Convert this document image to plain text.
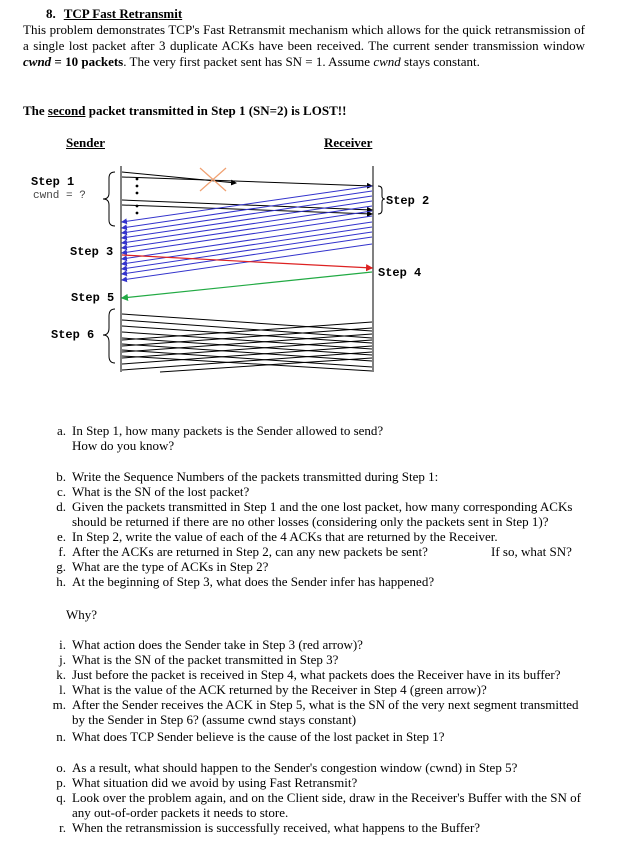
8. TCP Fast Retransmit
This problem demonstrates TCP's Fast Retransmit mechanism which allows for the quick retransmission of a single lost packet after 3 duplicate ACKs have been received. The current sender transmission window cwnd = 10 packets. The very first packet sent has SN = 1. Assume cwnd stays constant.
The second packet transmitted in Step 1 (SN=2) is LOST!!
Sender	Receiver
Step 1
cwnd = ?	Step 2
Step 3
Step 4
Step 5
Step 6
a. In Step 1, how many packets is the Sender allowed to send?
How do you know?
b. Write the Sequence Numbers of the packets transmitted during Step 1:
c. What is the SN of the lost packet?
d. Given the packets transmitted in Step 1 and the one lost packet, how many corresponding ACKs should be returned if there are no other losses (considering only the packets sent in Step 1)?
e. In Step 2, write the value of each of the 4 ACKs that are returned by the Receiver.
f. After the ACKs are returned in Step 2, can any new packets be sent?	If so, what SN?
g. What are the type of ACKs in Step 2?
h. At the beginning of Step 3, what does the Sender infer has happened?
Why?
i. What action does the Sender take in Step 3 (red arrow)?
j. What is the SN of the packet transmitted in Step 3?
k. Just before the packet is received in Step 4, what packets does the Receiver have in its buffer?
l. What is the value of the ACK returned by the Receiver in Step 4 (green arrow)?
m. After the Sender receives the ACK in Step 5, what is the SN of the very next segment transmitted by the Sender in Step 6? (assume cwnd stays constant)
n. What does TCP Sender believe is the cause of the lost packet in Step 1?
o. As a result, what should happen to the Sender's congestion window (cwnd) in Step 5?
p. What situation did we avoid by using Fast Retransmit?
q. Look over the problem again, and on the Client side, draw in the Receiver's Buffer with the SN of any out-of-order packets it needs to store.
r. When the retransmission is successfully received, what happens to the Buffer?
